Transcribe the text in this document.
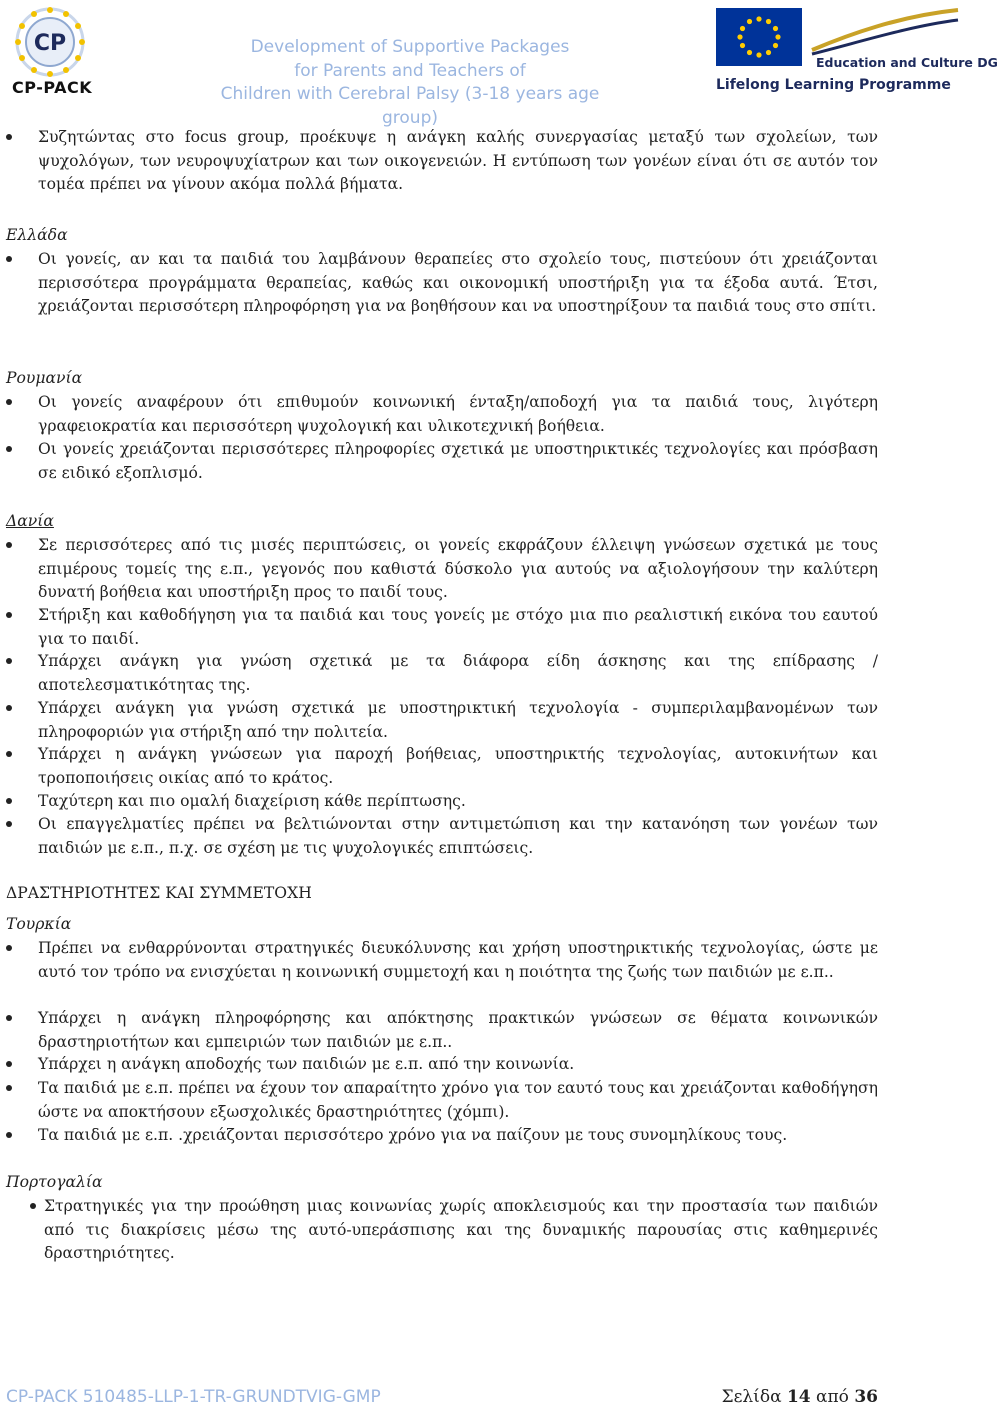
CP
CP-PACK
Development of Supportive Packages
for Parents and Teachers of
Children with Cerebral Palsy (3-18 years age group)
Education and Culture DG
Lifelong Learning Programme
Συζητώντας στο focus group, προέκυψε η ανάγκη καλής συνεργασίας μεταξύ των σχολείων, των ψυχολόγων, των νευροψυχίατρων και των οικογενειών. Η εντύπωση των γονέων είναι ότι σε αυτόν τον τομέα πρέπει να γίνουν ακόμα πολλά βήματα.
Ελλάδα
Οι γονείς, αν και τα παιδιά του λαμβάνουν θεραπείες στο σχολείο τους, πιστεύουν ότι χρειάζονται περισσότερα προγράμματα θεραπείας, καθώς και οικονομική υποστήριξη για τα έξοδα αυτά. Έτσι, χρειάζονται περισσότερη πληροφόρηση για να βοηθήσουν και να υποστηρίξουν τα παιδιά τους στο σπίτι.
Ρουμανία
Οι γονείς αναφέρουν ότι επιθυμούν κοινωνική ένταξη/αποδοχή για τα παιδιά τους, λιγότερη γραφειοκρατία και περισσότερη ψυχολογική και υλικοτεχνική βοήθεια.
Οι γονείς χρειάζονται περισσότερες πληροφορίες σχετικά με υποστηρικτικές τεχνολογίες και πρόσβαση σε ειδικό εξοπλισμό.
Δανία
Σε περισσότερες από τις μισές περιπτώσεις, οι γονείς εκφράζουν έλλειψη γνώσεων σχετικά με τους επιμέρους τομείς της ε.π., γεγονός που καθιστά δύσκολο για αυτούς να αξιολογήσουν την καλύτερη δυνατή βοήθεια και υποστήριξη προς το παιδί τους.
Στήριξη και καθοδήγηση για τα παιδιά και τους γονείς με στόχο μια πιο ρεαλιστική εικόνα του εαυτού για το παιδί.
Υπάρχει ανάγκη για γνώση σχετικά με τα διάφορα είδη άσκησης και της επίδρασης / αποτελεσματικότητας της.
Υπάρχει ανάγκη για γνώση σχετικά με υποστηρικτική τεχνολογία - συμπεριλαμβανομένων των πληροφοριών για στήριξη από την πολιτεία.
Υπάρχει η ανάγκη γνώσεων για παροχή βοήθειας, υποστηρικτής τεχνολογίας, αυτοκινήτων και τροποποιήσεις οικίας από το κράτος.
Ταχύτερη και πιο ομαλή διαχείριση κάθε περίπτωσης.
Οι επαγγελματίες πρέπει να βελτιώνονται στην αντιμετώπιση και την κατανόηση των γονέων των παιδιών με ε.π., π.χ. σε σχέση με τις ψυχολογικές επιπτώσεις.
ΔΡΑΣΤΗΡΙΟΤΗΤΕΣ ΚΑΙ ΣΥΜΜΕΤΟΧΗ
Τουρκία
Πρέπει να ενθαρρύνονται στρατηγικές διευκόλυνσης και χρήση υποστηρικτικής τεχνολογίας, ώστε με αυτό τον τρόπο να ενισχύεται η κοινωνική συμμετοχή και η ποιότητα της ζωής των παιδιών με ε.π..
Υπάρχει η ανάγκη πληροφόρησης και απόκτησης πρακτικών γνώσεων σε θέματα κοινωνικών δραστηριοτήτων και εμπειριών των παιδιών με ε.π..
Υπάρχει η ανάγκη αποδοχής των παιδιών με ε.π. από την κοινωνία.
Τα παιδιά με ε.π. πρέπει να έχουν τον απαραίτητο χρόνο για τον εαυτό τους και χρειάζονται καθοδήγηση ώστε να αποκτήσουν εξωσχολικές δραστηριότητες (χόμπι).
Τα παιδιά με ε.π. .χρειάζονται περισσότερο χρόνο για να παίζουν με τους συνομηλίκους τους.
Πορτογαλία
Στρατηγικές για την προώθηση μιας κοινωνίας χωρίς αποκλεισμούς και την προστασία των παιδιών από τις διακρίσεις μέσω της αυτό-υπεράσπισης και της δυναμικής παρουσίας στις καθημερινές δραστηριότητες.
CP-PACK 510485-LLP-1-TR-GRUNDTVIG-GMP	Σελίδα 14 από 36
